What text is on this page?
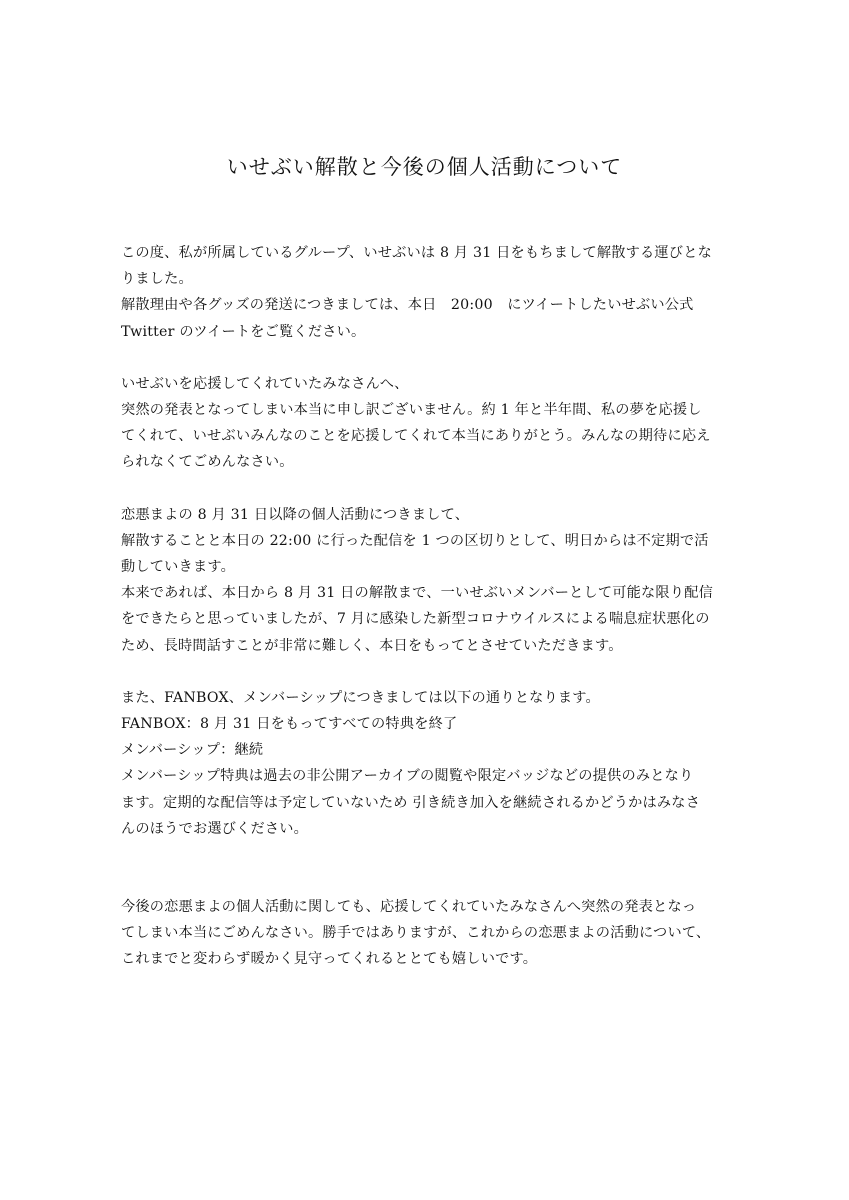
いせぶい解散と今後の個人活動について

この度、私が所属しているグループ、いせぶいは 8 月 31 日をもちまして解散する運びとな
りました。
解散理由や各グッズの発送につきましては、本日　20:00　にツイートしたいせぶい公式
Twitter のツイートをご覧ください。

いせぶいを応援してくれていたみなさんへ、
突然の発表となってしまい本当に申し訳ございません。約 1 年と半年間、私の夢を応援し
てくれて、いせぶいみんなのことを応援してくれて本当にありがとう。みんなの期待に応え
られなくてごめんなさい。

恋悪まよの 8 月 31 日以降の個人活動につきまして、
解散することと本日の 22:00 に行った配信を 1 つの区切りとして、明日からは不定期で活
動していきます。
本来であれば、本日から 8 月 31 日の解散まで、一いせぶいメンバーとして可能な限り配信
をできたらと思っていましたが、7 月に感染した新型コロナウイルスによる喘息症状悪化の
ため、長時間話すことが非常に難しく、本日をもってとさせていただきます。

また、FANBOX、メンバーシップにつきましては以下の通りとなります。
FANBOX：8 月 31 日をもってすべての特典を終了
メンバーシップ：継続
メンバーシップ特典は過去の非公開アーカイブの閲覧や限定バッジなどの提供のみとなり
ます。定期的な配信等は予定していないため 引き続き加入を継続されるかどうかはみなさ
んのほうでお選びください。

今後の恋悪まよの個人活動に関しても、応援してくれていたみなさんへ突然の発表となっ
てしまい本当にごめんなさい。勝手ではありますが、これからの恋悪まよの活動について、
これまでと変わらず暖かく見守ってくれるととても嬉しいです。
